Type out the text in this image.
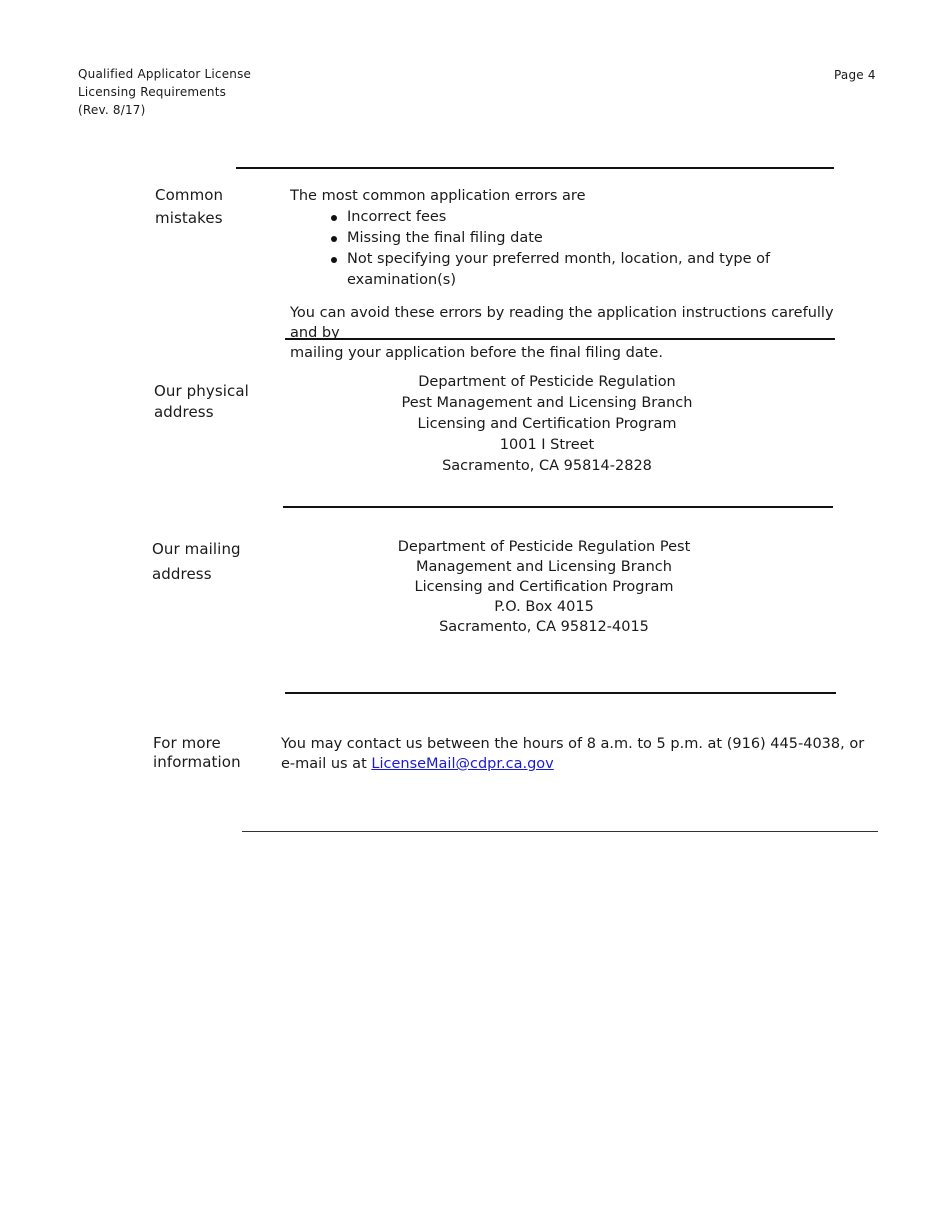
Qualified Applicator License
Licensing Requirements
(Rev. 8/17)
Page 4
Common
mistakes
The most common application errors are
Incorrect fees
Missing the final filing date
Not specifying your preferred month, location, and type of examination(s)
You can avoid these errors by reading the application instructions carefully and by
mailing your application before the final filing date.
Our physical
address
Department of Pesticide Regulation
Pest Management and Licensing Branch
Licensing and Certification Program
1001 I Street
Sacramento, CA 95814-2828
Our mailing
address
Department of Pesticide Regulation Pest
Management and Licensing Branch
Licensing and Certification Program
P.O. Box 4015
Sacramento, CA 95812-4015
For more
information
You may contact us between the hours of 8 a.m. to 5 p.m. at (916) 445-4038, or
e-mail us at LicenseMail@cdpr.ca.gov
